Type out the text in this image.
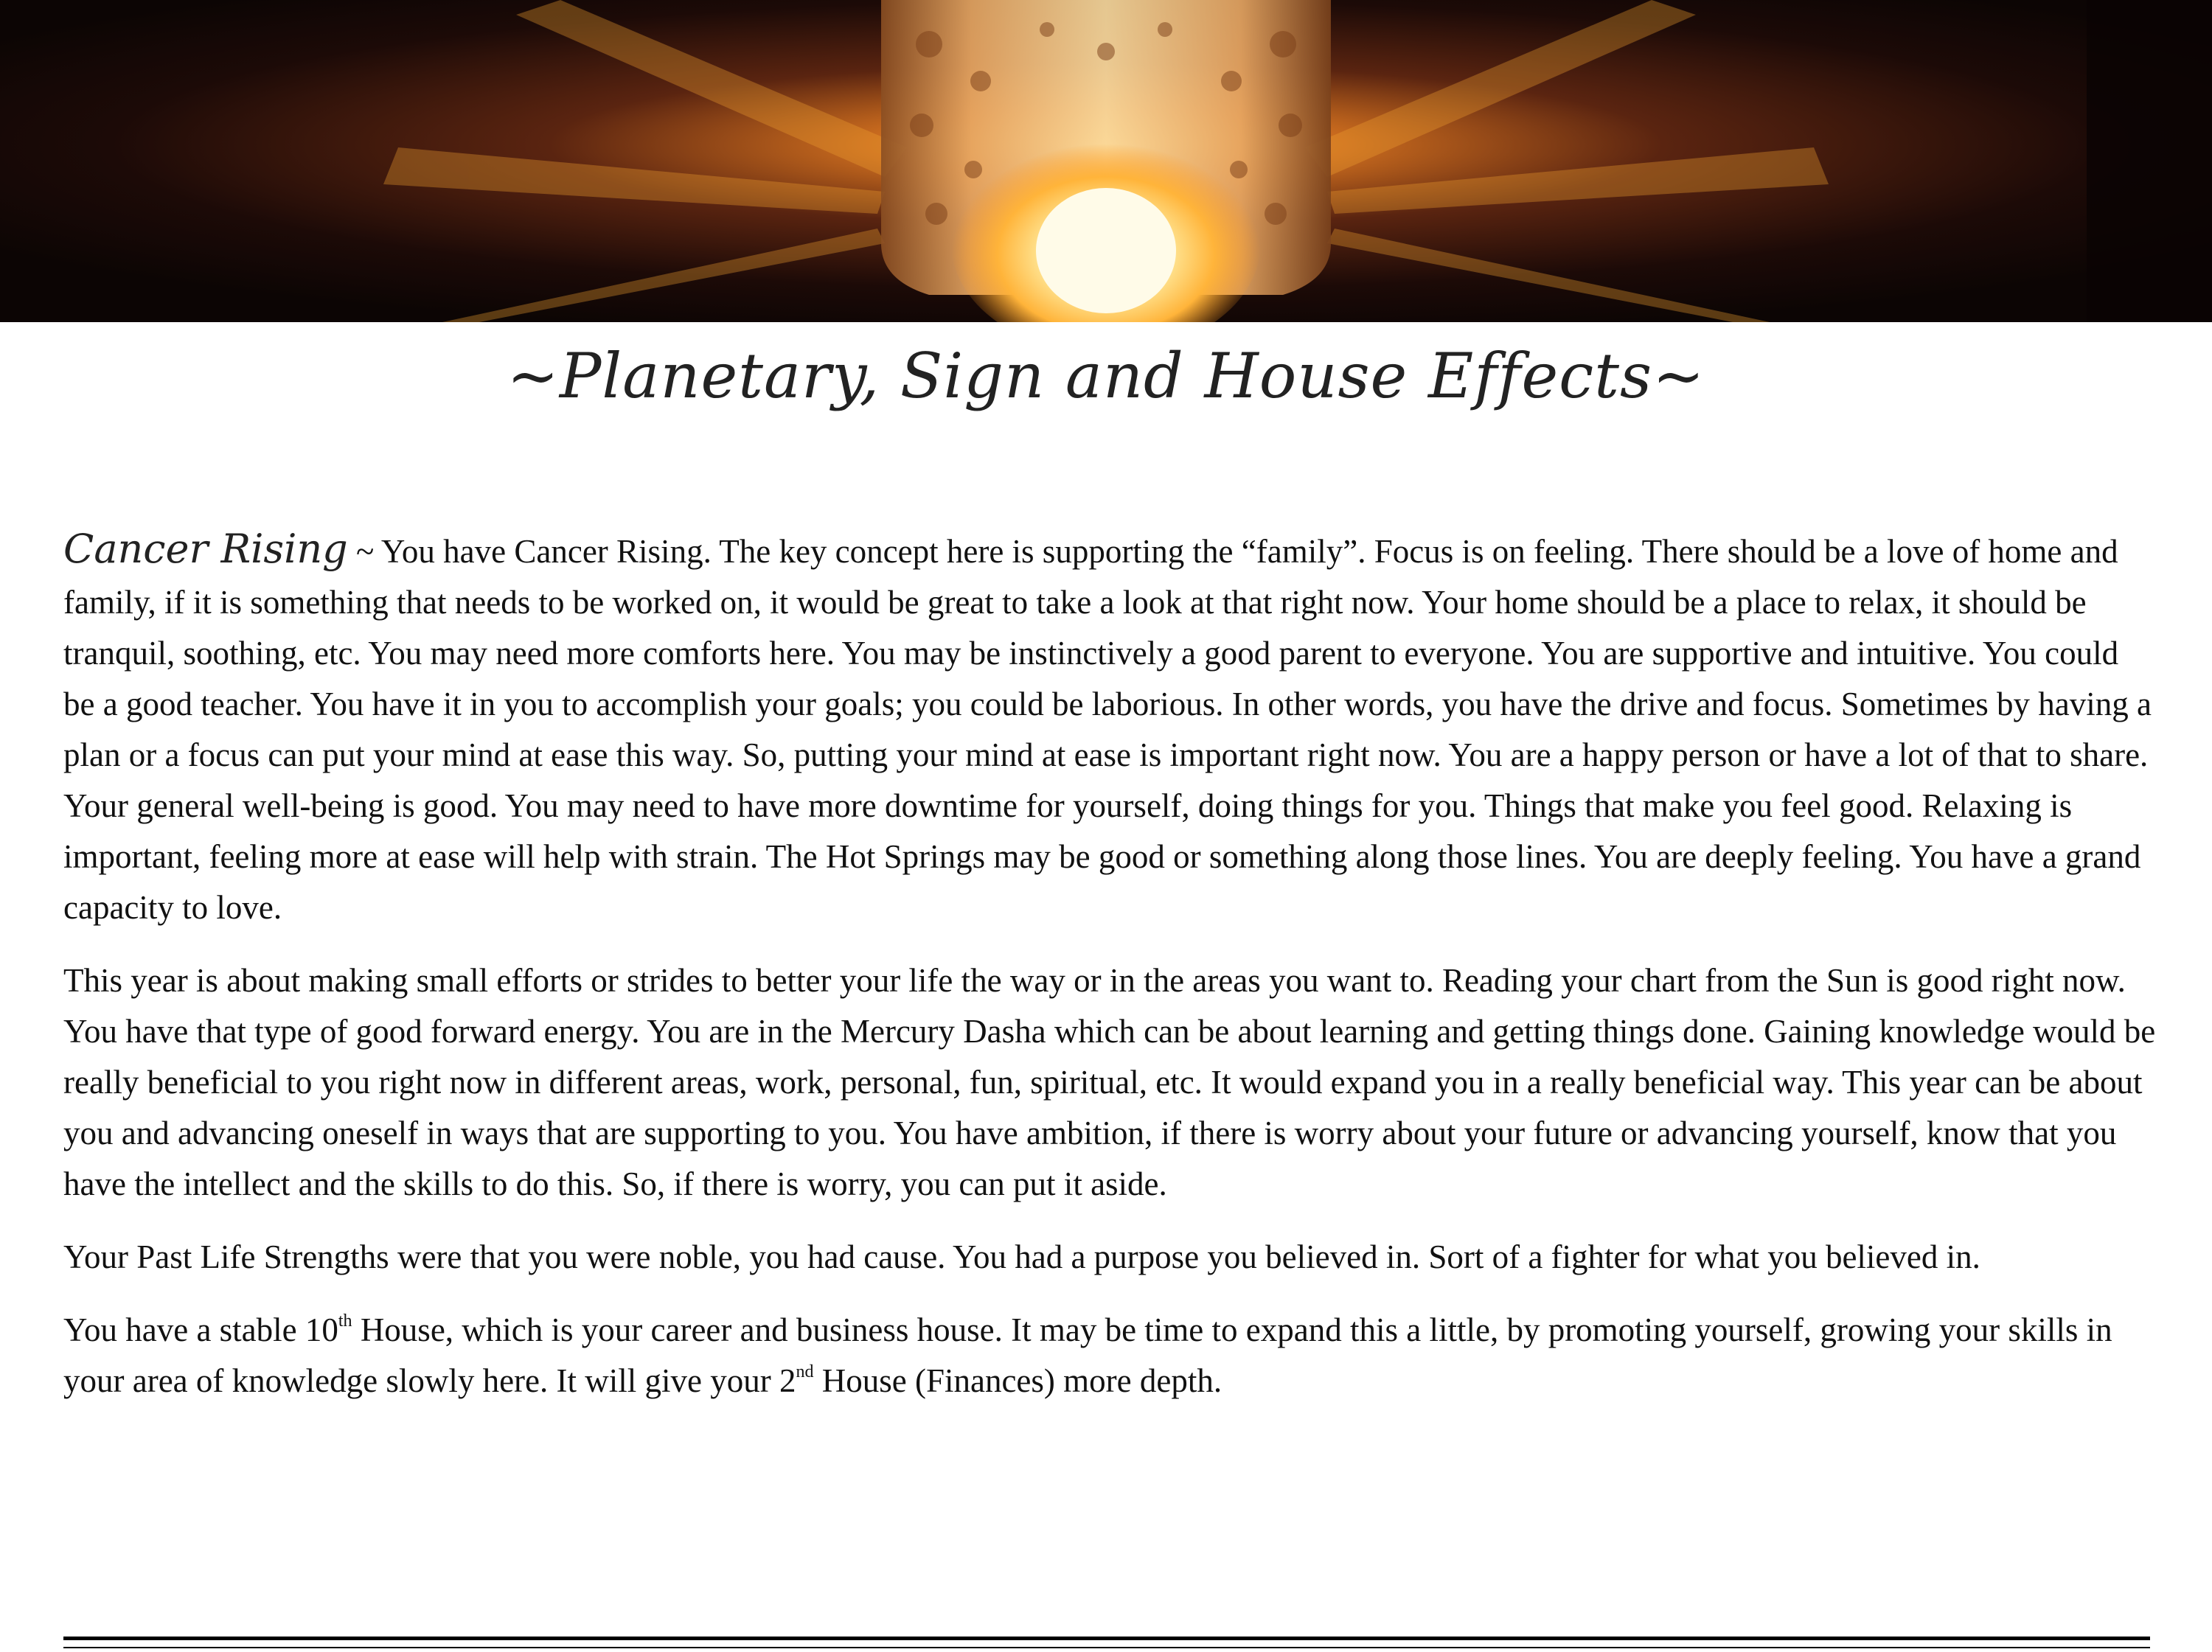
~Planetary, Sign and House Effects~

Cancer Rising ~ You have Cancer Rising. The key concept here is supporting the “family”. Focus is on feeling. There should be a love of home and family, if it is something that needs to be worked on, it would be great to take a look at that right now. Your home should be a place to relax, it should be tranquil, soothing, etc. You may need more comforts here. You may be instinctively a good parent to everyone. You are supportive and intuitive. You could be a good teacher. You have it in you to accomplish your goals; you could be laborious. In other words, you have the drive and focus. Sometimes by having a plan or a focus can put your mind at ease this way. So, putting your mind at ease is important right now. You are a happy person or have a lot of that to share. Your general well-being is good. You may need to have more downtime for yourself, doing things for you. Things that make you feel good. Relaxing is important, feeling more at ease will help with strain. The Hot Springs may be good or something along those lines. You are deeply feeling. You have a grand capacity to love.

This year is about making small efforts or strides to better your life the way or in the areas you want to. Reading your chart from the Sun is good right now. You have that type of good forward energy. You are in the Mercury Dasha which can be about learning and getting things done. Gaining knowledge would be really beneficial to you right now in different areas, work, personal, fun, spiritual, etc. It would expand you in a really beneficial way. This year can be about you and advancing oneself in ways that are supporting to you. You have ambition, if there is worry about your future or advancing yourself, know that you have the intellect and the skills to do this. So, if there is worry, you can put it aside.

Your Past Life Strengths were that you were noble, you had cause. You had a purpose you believed in. Sort of a fighter for what you believed in.

You have a stable 10th House, which is your career and business house. It may be time to expand this a little, by promoting yourself, growing your skills in your area of knowledge slowly here. It will give your 2nd House (Finances) more depth.
